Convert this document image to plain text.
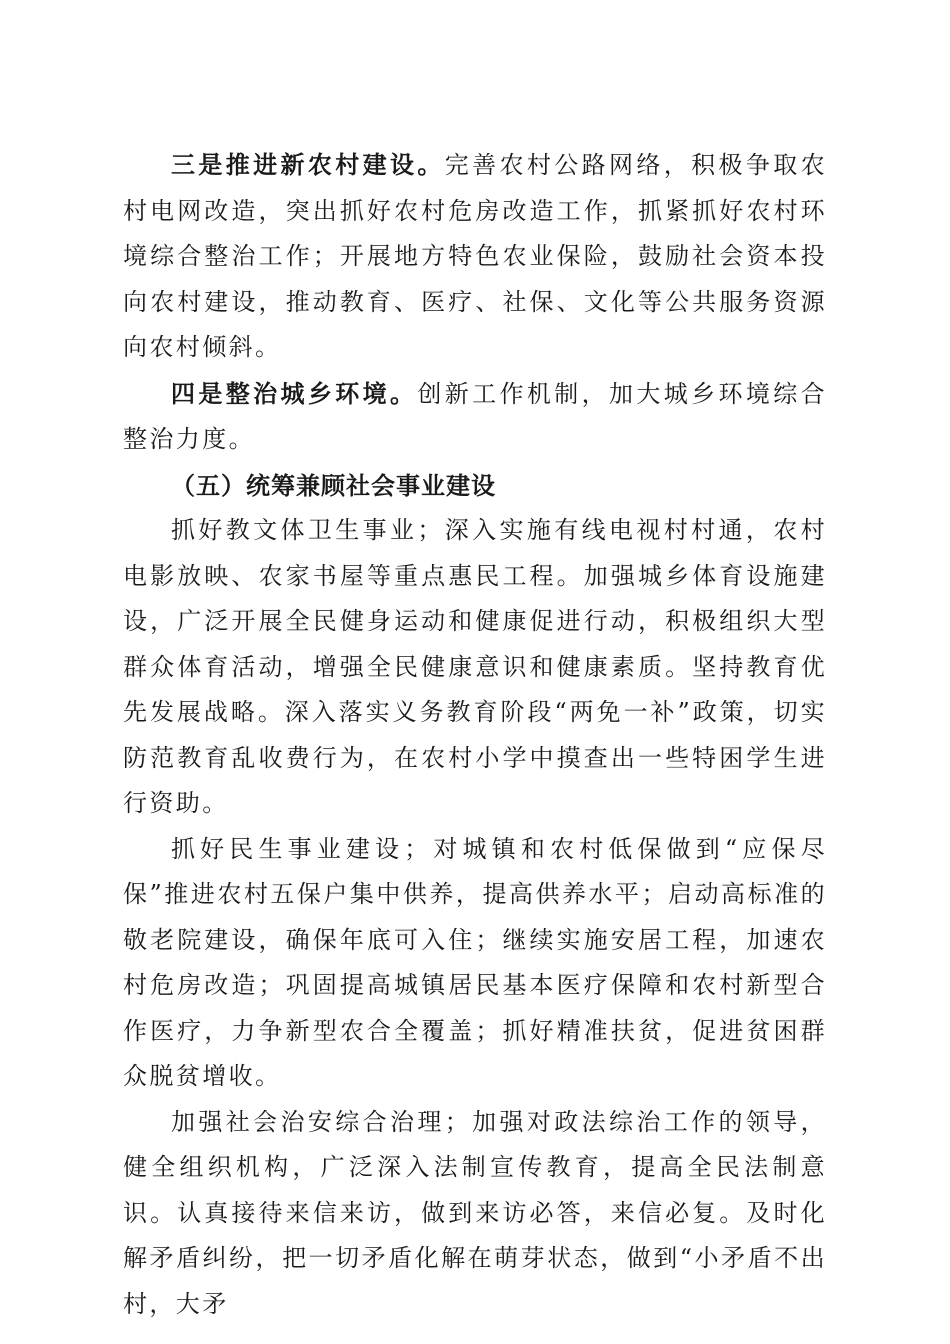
三是推进新农村建设。完善农村公路网络，积极争取农村电网改造，突出抓好农村危房改造工作，抓紧抓好农村环境综合整治工作；开展地方特色农业保险，鼓励社会资本投向农村建设，推动教育、医疗、社保、文化等公共服务资源向农村倾斜。

四是整治城乡环境。创新工作机制，加大城乡环境综合整治力度。

（五）统筹兼顾社会事业建设

抓好教文体卫生事业；深入实施有线电视村村通，农村电影放映、农家书屋等重点惠民工程。加强城乡体育设施建设，广泛开展全民健身运动和健康促进行动，积极组织大型群众体育活动，增强全民健康意识和健康素质。坚持教育优先发展战略。深入落实义务教育阶段“两免一补”政策，切实防范教育乱收费行为，在农村小学中摸查出一些特困学生进行资助。

抓好民生事业建设；对城镇和农村低保做到“应保尽保”推进农村五保户集中供养，提高供养水平；启动高标准的敬老院建设，确保年底可入住；继续实施安居工程，加速农村危房改造；巩固提高城镇居民基本医疗保障和农村新型合作医疗，力争新型农合全覆盖；抓好精准扶贫，促进贫困群众脱贫增收。

加强社会治安综合治理；加强对政法综治工作的领导，健全组织机构，广泛深入法制宣传教育，提高全民法制意识。认真接待来信来访，做到来访必答，来信必复。及时化解矛盾纠纷，把一切矛盾化解在萌芽状态，做到“小矛盾不出村，大矛
